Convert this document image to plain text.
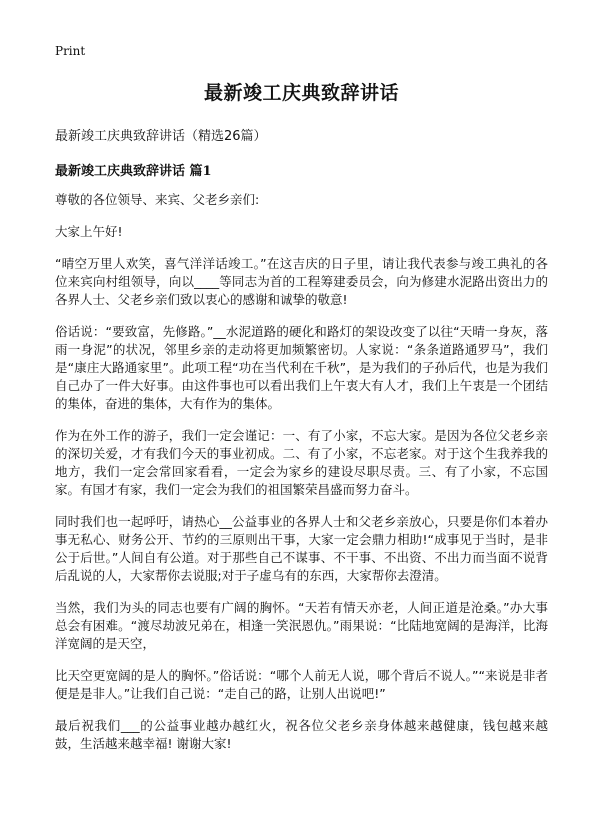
Print
最新竣工庆典致辞讲话

最新竣工庆典致辞讲话（精选26篇）

最新竣工庆典致辞讲话 篇1

尊敬的各位领导、来宾、父老乡亲们:

大家上午好!

“晴空万里人欢笑，喜气洋洋话竣工。”在这吉庆的日子里，请让我代表参与竣工典礼的各位来宾向村组领导，向以____等同志为首的工程筹建委员会，向为修建水泥路出资出力的各界人士、父老乡亲们致以衷心的感谢和诚挚的敬意!

俗话说：“要致富，先修路。”__水泥道路的硬化和路灯的架设改变了以往“天晴一身灰，落雨一身泥”的状况，邻里乡亲的走动将更加频繁密切。人家说：“条条道路通罗马”，我们是“康庄大路通家里”。此项工程“功在当代利在千秋”，是为我们的子孙后代，也是为我们自己办了一件大好事。由这件事也可以看出我们上午衷大有人才，我们上午衷是一个团结的集体，奋进的集体，大有作为的集体。

作为在外工作的游子，我们一定会谨记：一、有了小家，不忘大家。是因为各位父老乡亲的深切关爱，才有我们今天的事业初成。二、有了小家，不忘老家。对于这个生我养我的地方，我们一定会常回家看看，一定会为家乡的建设尽职尽责。三、有了小家，不忘国家。有国才有家，我们一定会为我们的祖国繁荣昌盛而努力奋斗。

同时我们也一起呼吁，请热心__公益事业的各界人士和父老乡亲放心，只要是你们本着办事无私心、财务公开、节约的三原则出干事，大家一定会鼎力相助!“成事见于当时，是非公于后世。”人间自有公道。对于那些自己不谋事、不干事、不出资、不出力而当面不说背后乱说的人，大家帮你去说服;对于子虚乌有的东西，大家帮你去澄清。

当然，我们为头的同志也要有广阔的胸怀。“天若有情天亦老，人间正道是沧桑。”办大事总会有困难。“渡尽劫波兄弟在，相逢一笑泯恩仇。”雨果说：“比陆地宽阔的是海洋，比海洋宽阔的是天空，

比天空更宽阔的是人的胸怀。”俗话说：“哪个人前无人说，哪个背后不说人。”“来说是非者便是是非人。”让我们自己说：“走自己的路，让别人出说吧!”

最后祝我们___的公益事业越办越红火，祝各位父老乡亲身体越来越健康，钱包越来越鼓，生活越来越幸福! 谢谢大家!
